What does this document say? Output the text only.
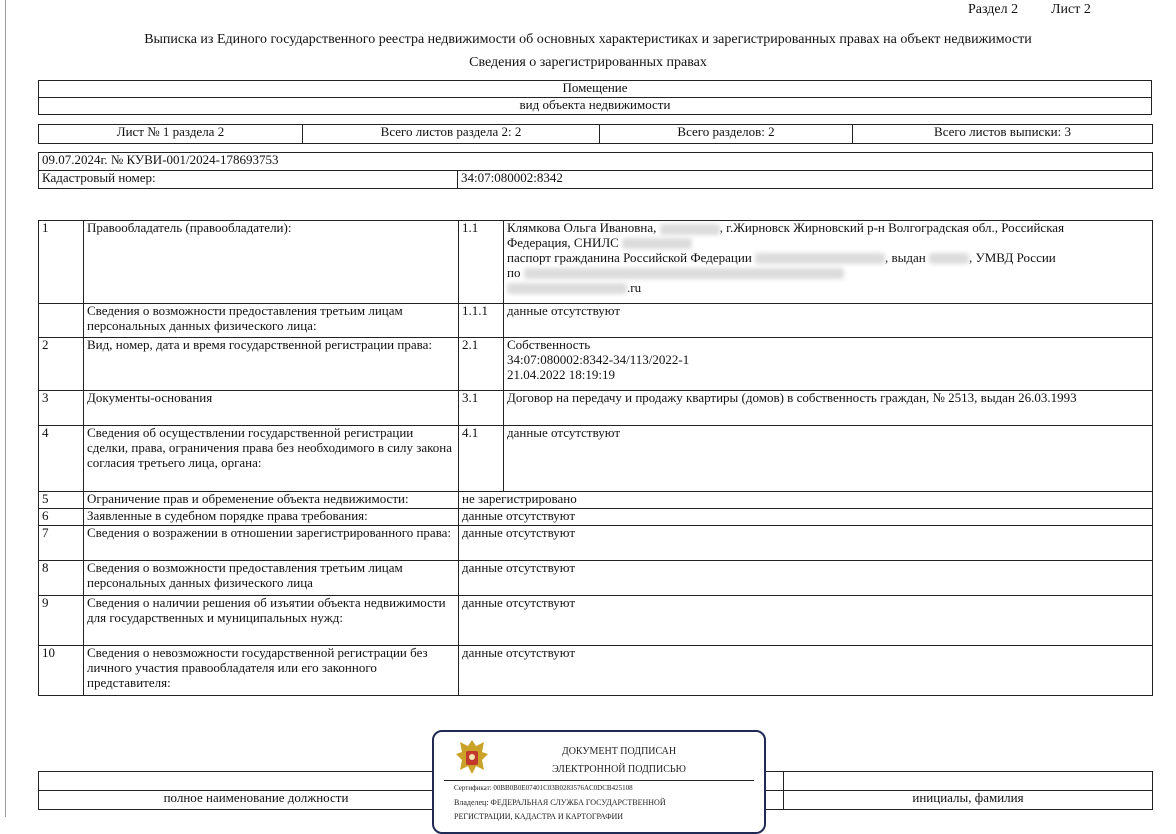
Раздел 2 Лист 2
Выписка из Единого государственного реестра недвижимости об основных характеристиках и зарегистрированных правах на объект недвижимости
Сведения о зарегистрированных правах
Помещение
вид объекта недвижимости
Лист № 1 раздела 2	Всего листов раздела 2: 2	Всего разделов: 2	Всего листов выписки: 3
09.07.2024г. № КУВИ-001/2024-178693753
Кадастровый номер:	34:07:080002:8342
1	Правообладатель (правообладатели):	1.1	Клямкова Ольга Ивановна, , г.Жирновск Жирновский р-н Волгоградская обл., Российская
Федерация, СНИЛС
паспорт гражданина Российской Федерации , выдан , УМВД России
по
.ru
	Сведения о возможности предоставления третьим лицам персональных данных физического лица:	1.1.1	данные отсутствуют
2	Вид, номер, дата и время государственной регистрации права:	2.1	Собственность
34:07:080002:8342-34/113/2022-1
21.04.2022 18:19:19
3	Документы-основания	3.1	Договор на передачу и продажу квартиры (домов) в собственность граждан, № 2513, выдан 26.03.1993
4	Сведения об осуществлении государственной регистрации сделки, права, ограничения права без необходимого в силу закона согласия третьего лица, органа:	4.1	данные отсутствуют
5	Ограничение прав и обременение объекта недвижимости:	не зарегистрировано	
6	Заявленные в судебном порядке права требования:	данные отсутствуют	
7	Сведения о возражении в отношении зарегистрированного права:	данные отсутствуют	
8	Сведения о возможности предоставления третьим лицам персональных данных физического лица	данные отсутствуют	
9	Сведения о наличии решения об изъятии объекта недвижимости для государственных и муниципальных нужд:	данные отсутствуют	
10	Сведения о невозможности государственной регистрации без личного участия правообладателя или его законного представителя:	данные отсутствуют	

полное наименование должности		инициалы, фамилия
ДОКУМЕНТ ПОДПИСАН
ЭЛЕКТРОННОЙ ПОДПИСЬЮ
Сертификат: 00BB0B0E07401C03B0283576AC0DCB425108
Владелец: ФЕДЕРАЛЬНАЯ СЛУЖБА ГОСУДАРСТВЕННОЙ
РЕГИСТРАЦИИ, КАДАСТРА И КАРТОГРАФИИ
